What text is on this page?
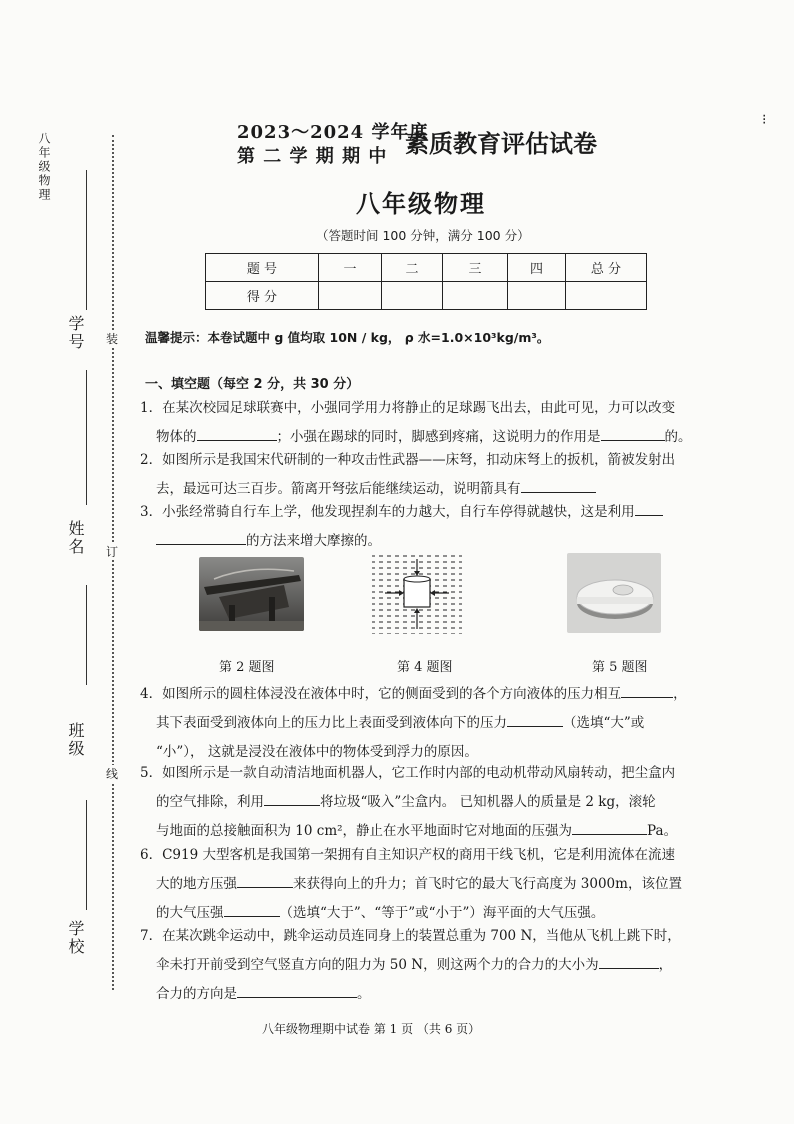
八年级物理
学号
姓名
班级
学校
装
订
线
2023～2024 学年度
第 二 学 期 期 中 素质教育评估试卷
⁝
八年级物理
（答题时间 100 分钟，满分 100 分）
题 号	一	二	三	四	总 分
得 分					
温馨提示：本卷试题中 g 值均取 10N / kg， ρ 水=1.0×10³kg/m³。
一、填空题（每空 2 分，共 30 分）
1．在某次校园足球联赛中，小强同学用力将静止的足球踢飞出去，由此可见，力可以改变
物体的	；小强在踢球的同时，脚感到疼痛，这说明力的作用是	的。
2．如图所示是我国宋代研制的一种攻击性武器——床弩，扣动床弩上的扳机，箭被发射出
去，最远可达三百步。箭离开弩弦后能继续运动，说明箭具有
3．小张经常骑自行车上学，他发现捏刹车的力越大，自行车停得就越快，这是利用
的方法来增大摩擦的。
第 2 题图	第 4 题图	第 5 题图
4．如图所示的圆柱体浸没在液体中时，它的侧面受到的各个方向液体的压力相互	，
其下表面受到液体向上的压力比上表面受到液体向下的压力	（选填“大”或
“小”）， 这就是浸没在液体中的物体受到浮力的原因。
5．如图所示是一款自动清洁地面机器人，它工作时内部的电动机带动风扇转动，把尘盒内
的空气排除，利用	将垃圾“吸入”尘盒内。 已知机器人的质量是 2 kg，滚轮
与地面的总接触面积为 10 cm²，静止在水平地面时它对地面的压强为	Pa。
6．C919 大型客机是我国第一架拥有自主知识产权的商用干线飞机，它是利用流体在流速
大的地方压强	来获得向上的升力；首飞时它的最大飞行高度为 3000m，该位置
的大气压强	（选填“大于”、“等于”或“小于”）海平面的大气压强。
7．在某次跳伞运动中，跳伞运动员连同身上的装置总重为 700 N，当他从飞机上跳下时，
伞未打开前受到空气竖直方向的阻力为 50 N，则这两个力的合力的大小为	，
合力的方向是	。
八年级物理期中试卷 第 1 页 （共 6 页）
